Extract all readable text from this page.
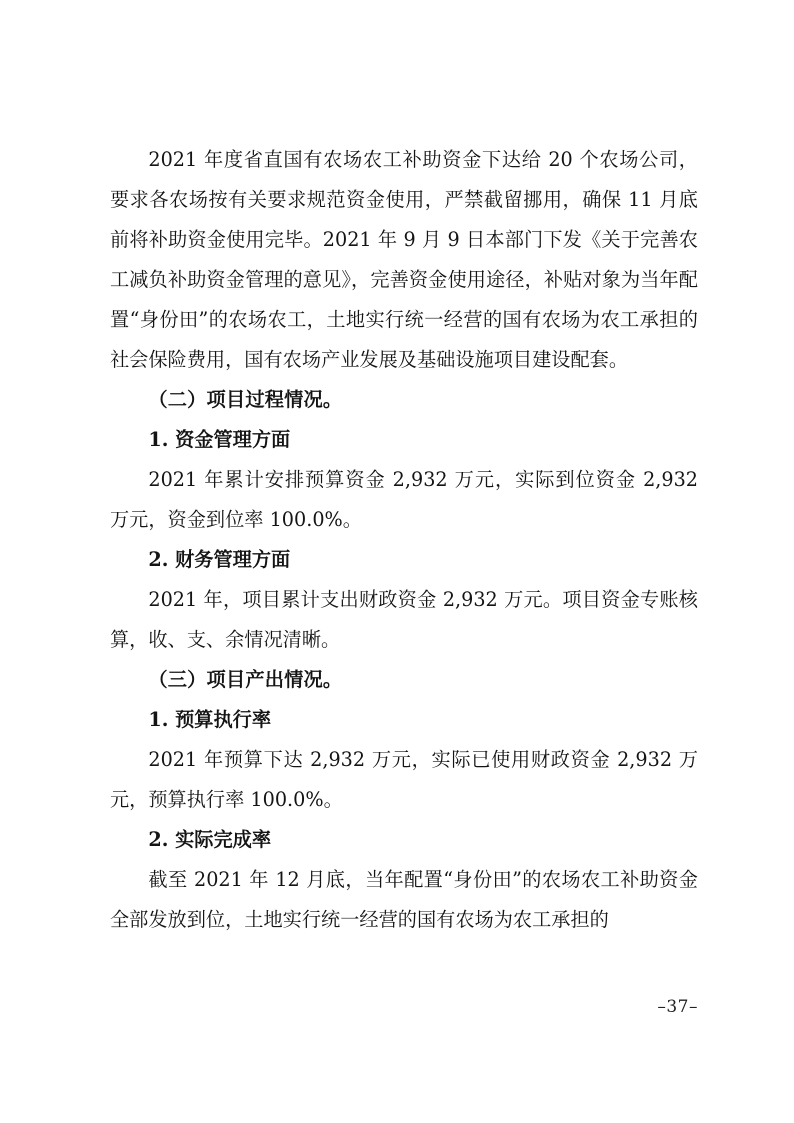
2021 年度省直国有农场农工补助资金下达给 20 个农场公司，要求各农场按有关要求规范资金使用，严禁截留挪用，确保 11 月底前将补助资金使用完毕。2021 年 9 月 9 日本部门下发《关于完善农工减负补助资金管理的意见》，完善资金使用途径，补贴对象为当年配置“身份田”的农场农工，土地实行统一经营的国有农场为农工承担的社会保险费用，国有农场产业发展及基础设施项目建设配套。

（二）项目过程情况。

1. 资金管理方面

2021 年累计安排预算资金 2,932 万元，实际到位资金 2,932 万元，资金到位率 100.0%。

2. 财务管理方面

2021 年，项目累计支出财政资金 2,932 万元。项目资金专账核算，收、支、余情况清晰。

（三）项目产出情况。

1. 预算执行率

2021 年预算下达 2,932 万元，实际已使用财政资金 2,932 万元，预算执行率 100.0%。

2. 实际完成率

截至 2021 年 12 月底，当年配置“身份田”的农场农工补助资金全部发放到位，土地实行统一经营的国有农场为农工承担的

–37–
